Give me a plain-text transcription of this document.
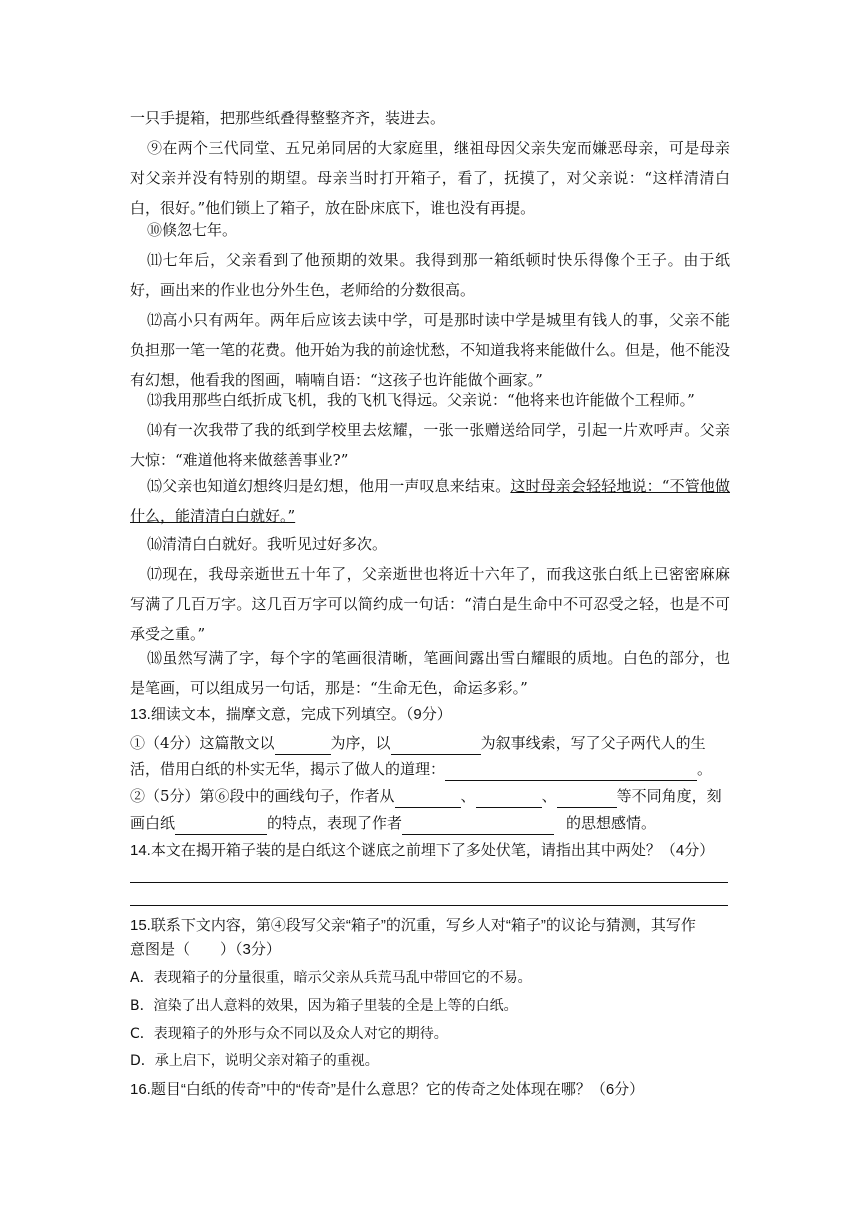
一只手提箱，把那些纸叠得整整齐齐，装进去。

⑨在两个三代同堂、五兄弟同居的大家庭里，继祖母因父亲失宠而嫌恶母亲，可是母亲对父亲并没有特别的期望。母亲当时打开箱子，看了，抚摸了，对父亲说：“这样清清白白，很好。”他们锁上了箱子，放在卧床底下，谁也没有再提。

⑩倏忽七年。

⑾七年后，父亲看到了他预期的效果。我得到那一箱纸顿时快乐得像个王子。由于纸好，画出来的作业也分外生色，老师给的分数很高。

⑿高小只有两年。两年后应该去读中学，可是那时读中学是城里有钱人的事，父亲不能负担那一笔一笔的花费。他开始为我的前途忧愁，不知道我将来能做什么。但是，他不能没有幻想，他看我的图画，喃喃自语：“这孩子也许能做个画家。”

⒀我用那些白纸折成飞机，我的飞机飞得远。父亲说：“他将来也许能做个工程师。”

⒁有一次我带了我的纸到学校里去炫耀，一张一张赠送给同学，引起一片欢呼声。父亲大惊：“难道他将来做慈善事业?”

⒂父亲也知道幻想终归是幻想，他用一声叹息来结束。这时母亲会轻轻地说：“不管他做什么，能清清白白就好。”

⒃清清白白就好。我听见过好多次。

⒄现在，我母亲逝世五十年了，父亲逝世也将近十六年了，而我这张白纸上已密密麻麻写满了几百万字。这几百万字可以简约成一句话：“清白是生命中不可忍受之轻，也是不可承受之重。”

⒅虽然写满了字，每个字的笔画很清晰，笔画间露出雪白耀眼的质地。白色的部分，也是笔画，可以组成另一句话，那是：“生命无色，命运多彩。”

13.细读文本，揣摩文意，完成下列填空。（9分）

①（4分）这篇散文以	为序，以	为叙事线索，写了父子两代人的生

活，借用白纸的朴实无华，揭示了做人的道理：	。

②（5分）第⑥段中的画线句子，作者从	、	、	等不同角度，刻

画白纸	的特点，表现了作者	的思想感情。

14.本文在揭开箱子装的是白纸这个谜底之前埋下了多处伏笔，请指出其中两处？（4分）

15.联系下文内容，第④段写父亲“箱子”的沉重，写乡人对“箱子”的议论与猜测，其写作

意图是（　　）（3分）

A．表现箱子的分量很重，暗示父亲从兵荒马乱中带回它的不易。

B．渲染了出人意料的效果，因为箱子里装的全是上等的白纸。

C．表现箱子的外形与众不同以及众人对它的期待。

D．承上启下，说明父亲对箱子的重视。

16.题目“白纸的传奇”中的“传奇”是什么意思？它的传奇之处体现在哪？（6分）
